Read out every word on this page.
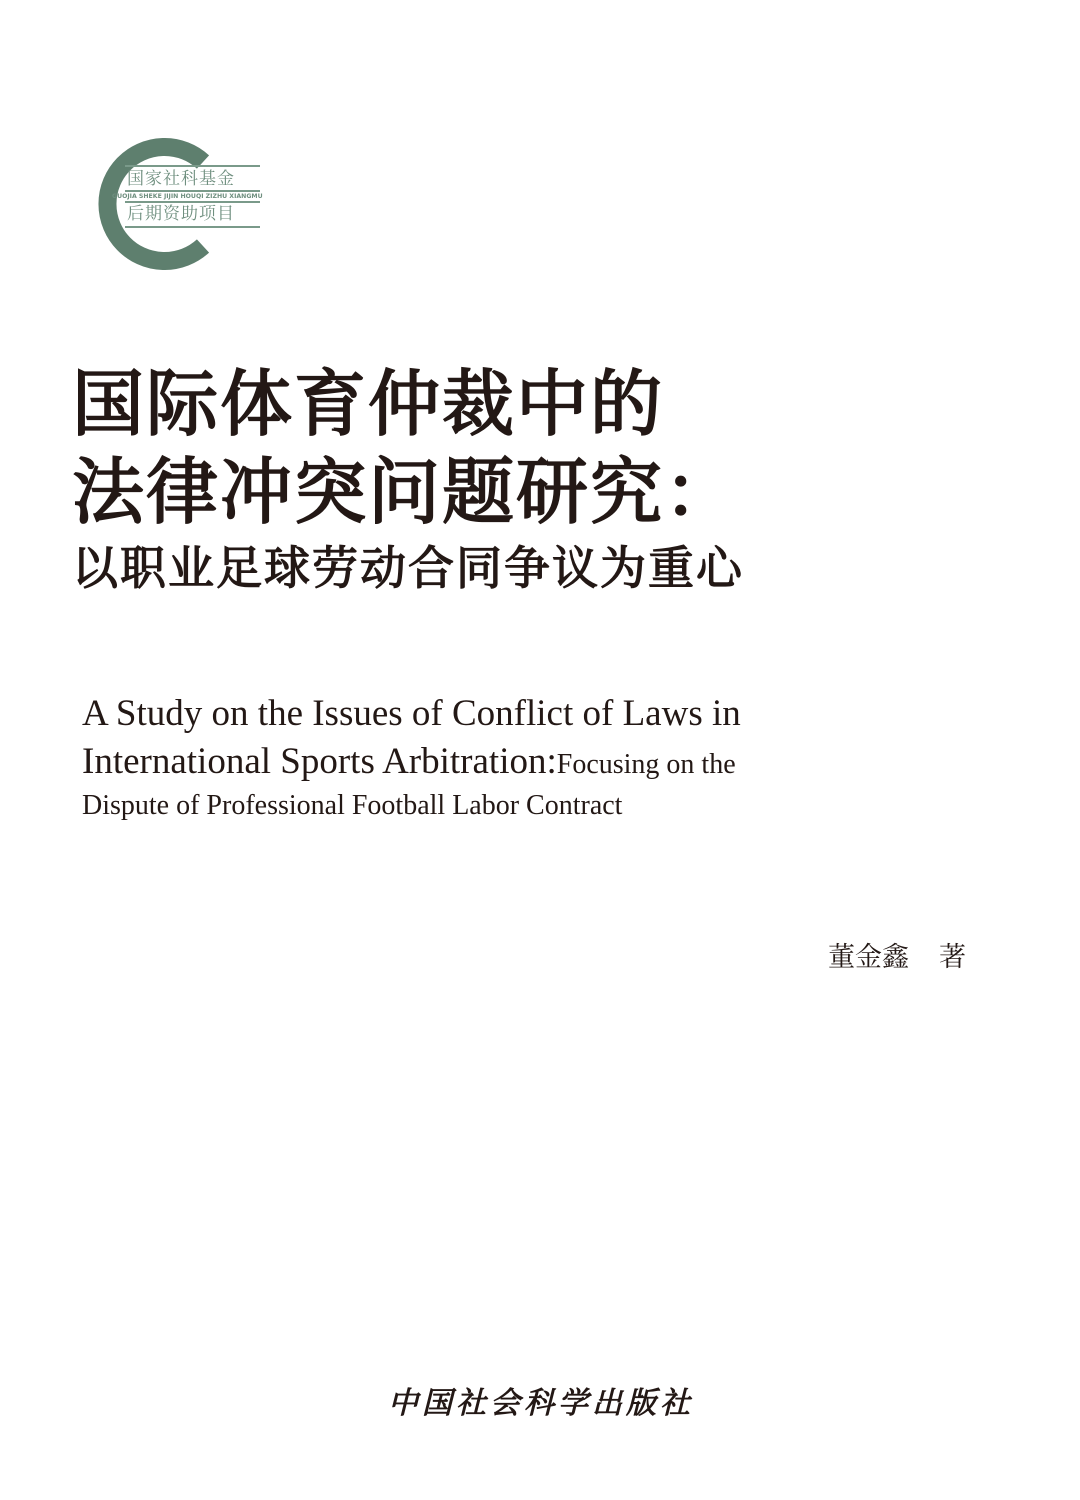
国家社科基金
GUOJIA SHEKE JIJIN HOUQI ZIZHU XIANGMU
后期资助项目
国际体育仲裁中的
法律冲突问题研究：
以职业足球劳动合同争议为重心
A Study on the Issues of Conflict of Laws in
International Sports Arbitration:Focusing on the
Dispute of Professional Football Labor Contract
董金鑫 著
中国社会科学出版社
